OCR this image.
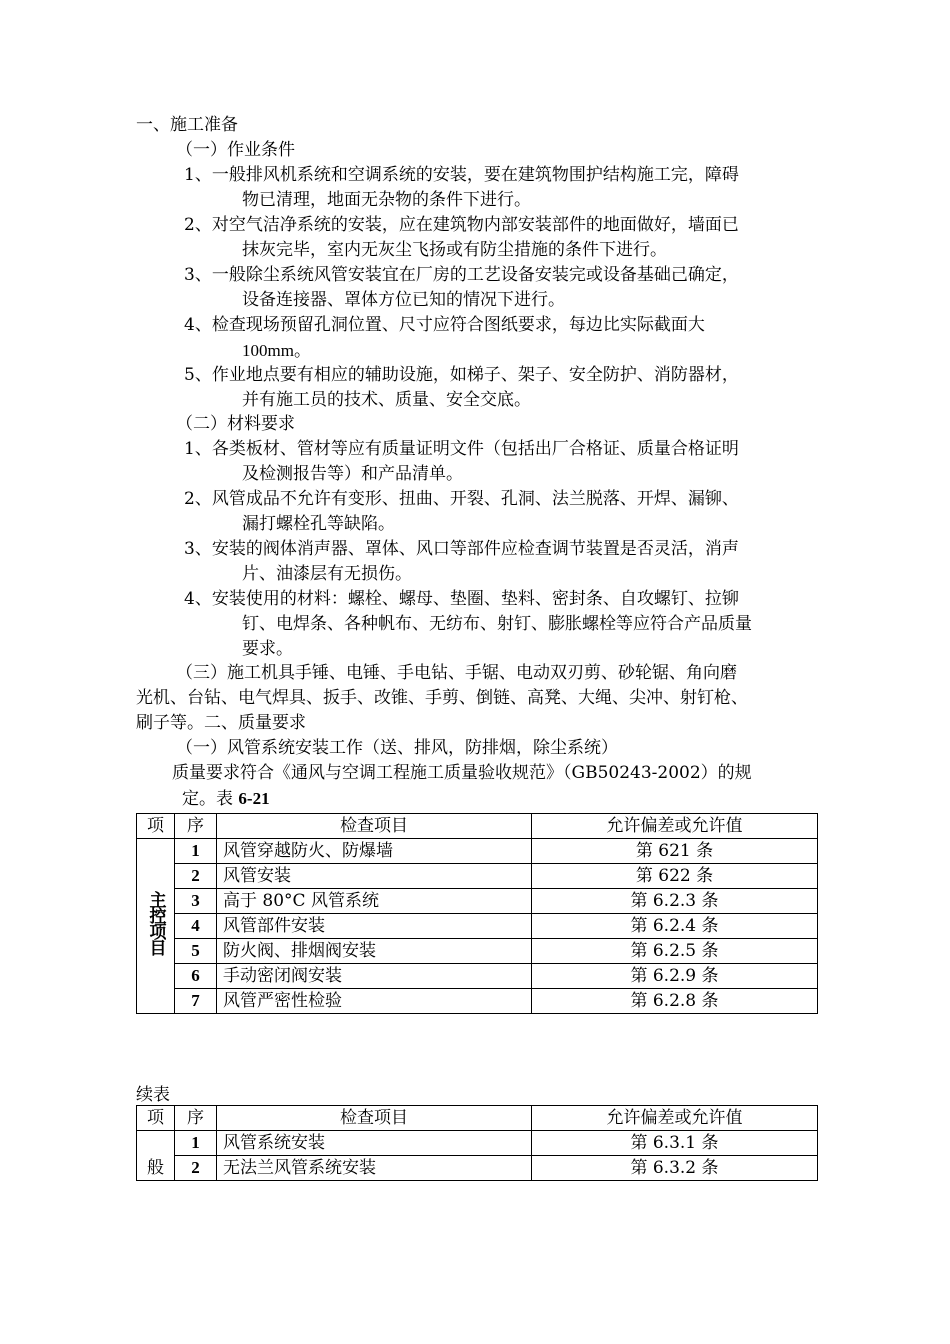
一、施工准备
（一）作业条件
1、一般排风机系统和空调系统的安装，要在建筑物围护结构施工完，障碍
物已清理，地面无杂物的条件下进行。
2、对空气洁净系统的安装，应在建筑物内部安装部件的地面做好，墙面已
抹灰完毕，室内无灰尘飞扬或有防尘措施的条件下进行。
3、一般除尘系统风管安装宜在厂房的工艺设备安装完或设备基础己确定，
设备连接器、罩体方位已知的情况下进行。
4、检查现场预留孔洞位置、尺寸应符合图纸要求，每边比实际截面大
100mm。
5、作业地点要有相应的辅助设施，如梯子、架子、安全防护、消防器材，
并有施工员的技术、质量、安全交底。
（二）材料要求
1、各类板材、管材等应有质量证明文件（包括出厂合格证、质量合格证明
及检测报告等）和产品清单。
2、风管成品不允许有变形、扭曲、开裂、孔洞、法兰脱落、开焊、漏铆、
漏打螺栓孔等缺陷。
3、安装的阀体消声器、罩体、风口等部件应检查调节装置是否灵活，消声
片、油漆层有无损伤。
4、安装使用的材料：螺栓、螺母、垫圈、垫料、密封条、自攻螺钉、拉铆
钉、电焊条、各种帆布、无纺布、射钉、膨胀螺栓等应符合产品质量
要求。
（三）施工机具手锤、电锤、手电钻、手锯、电动双刃剪、砂轮锯、角向磨
光机、台钻、电气焊具、扳手、改锥、手剪、倒链、高凳、大绳、尖冲、射钉枪、
刷子等。二、质量要求
（一）风管系统安装工作（送、排风，防排烟，除尘系统）
质量要求符合《通风与空调工程施工质量验收规范》（GB50243-2002）的规
定。表 6-21
项	序	检查项目	允许偏差或允许值
主控项目	1	风管穿越防火、防爆墙	第 621 条
	2	风管安装	第 622 条
	3	高于 80°C 风管系统	第 6.2.3 条
	4	风管部件安装	第 6.2.4 条
	5	防火阀、排烟阀安装	第 6.2.5 条
	6	手动密闭阀安装	第 6.2.9 条
	7	风管严密性检验	第 6.2.8 条
续表
项	序	检查项目	允许偏差或允许值
般	1	风管系统安装	第 6.3.1 条
	2	无法兰风管系统安装	第 6.3.2 条
